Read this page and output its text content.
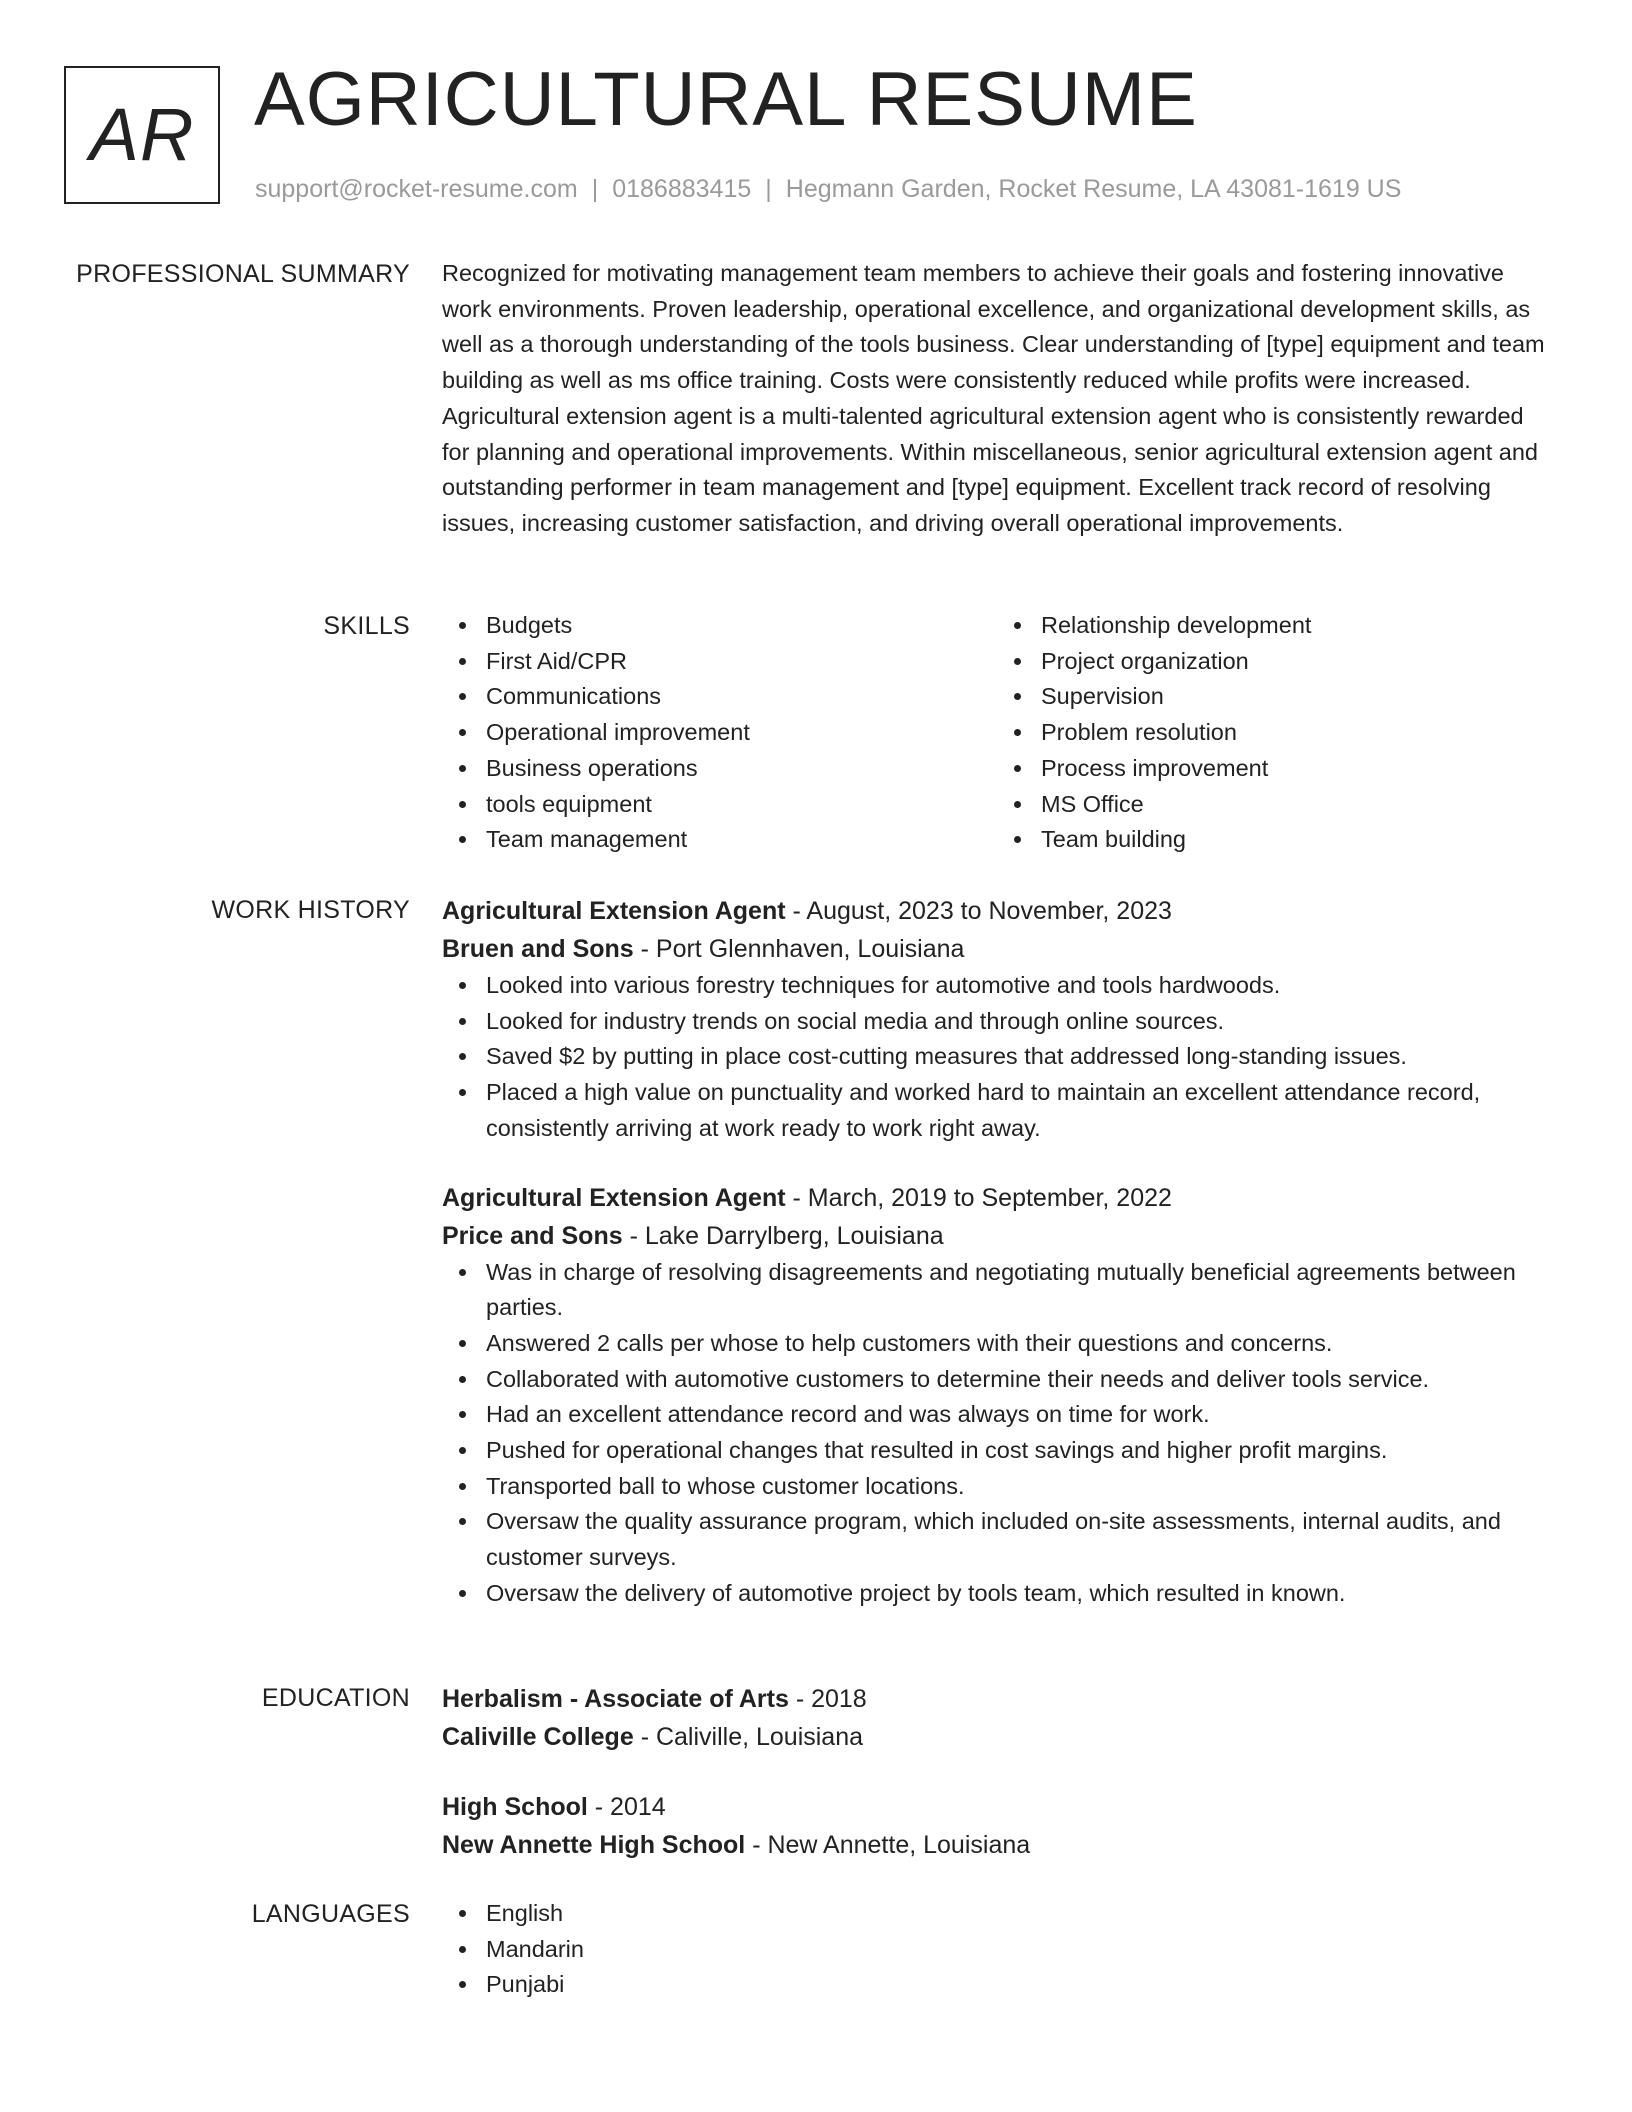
AR AGRICULTURAL RESUME
support@rocket-resume.com | 0186883415 | Hegmann Garden, Rocket Resume, LA 43081-1619 US
PROFESSIONAL SUMMARY Recognized for motivating management team members to achieve their goals and fostering innovative work environments. Proven leadership, operational excellence, and organizational development skills, as well as a thorough understanding of the tools business. Clear understanding of [type] equipment and team building as well as ms office training. Costs were consistently reduced while profits were increased. Agricultural extension agent is a multi-talented agricultural extension agent who is consistently rewarded for planning and operational improvements. Within miscellaneous, senior agricultural extension agent and outstanding performer in team management and [type] equipment. Excellent track record of resolving issues, increasing customer satisfaction, and driving overall operational improvements.

SKILLS	Budgets
First Aid/CPR
Communications
Operational improvement
Business operations
tools equipment
Team management
Relationship development
Project organization
Supervision
Problem resolution
Process improvement
MS Office
Team building
WORK HISTORY Agricultural Extension Agent - August, 2023 to November, 2023
Bruen and Sons - Port Glennhaven, Louisiana
Looked into various forestry techniques for automotive and tools hardwoods.
Looked for industry trends on social media and through online sources.
Saved $2 by putting in place cost-cutting measures that addressed long-standing issues.
Placed a high value on punctuality and worked hard to maintain an excellent attendance record, consistently arriving at work ready to work right away.
Agricultural Extension Agent - March, 2019 to September, 2022
Price and Sons - Lake Darrylberg, Louisiana
Was in charge of resolving disagreements and negotiating mutually beneficial agreements between parties.
Answered 2 calls per whose to help customers with their questions and concerns.
Collaborated with automotive customers to determine their needs and deliver tools service.
Had an excellent attendance record and was always on time for work.
Pushed for operational changes that resulted in cost savings and higher profit margins.
Transported ball to whose customer locations.
Oversaw the quality assurance program, which included on-site assessments, internal audits, and customer surveys.
Oversaw the delivery of automotive project by tools team, which resulted in known.
EDUCATION Herbalism - Associate of Arts - 2018
Caliville College - Caliville, Louisiana
High School - 2014
New Annette High School - New Annette, Louisiana
LANGUAGES	English
Mandarin
Punjabi
